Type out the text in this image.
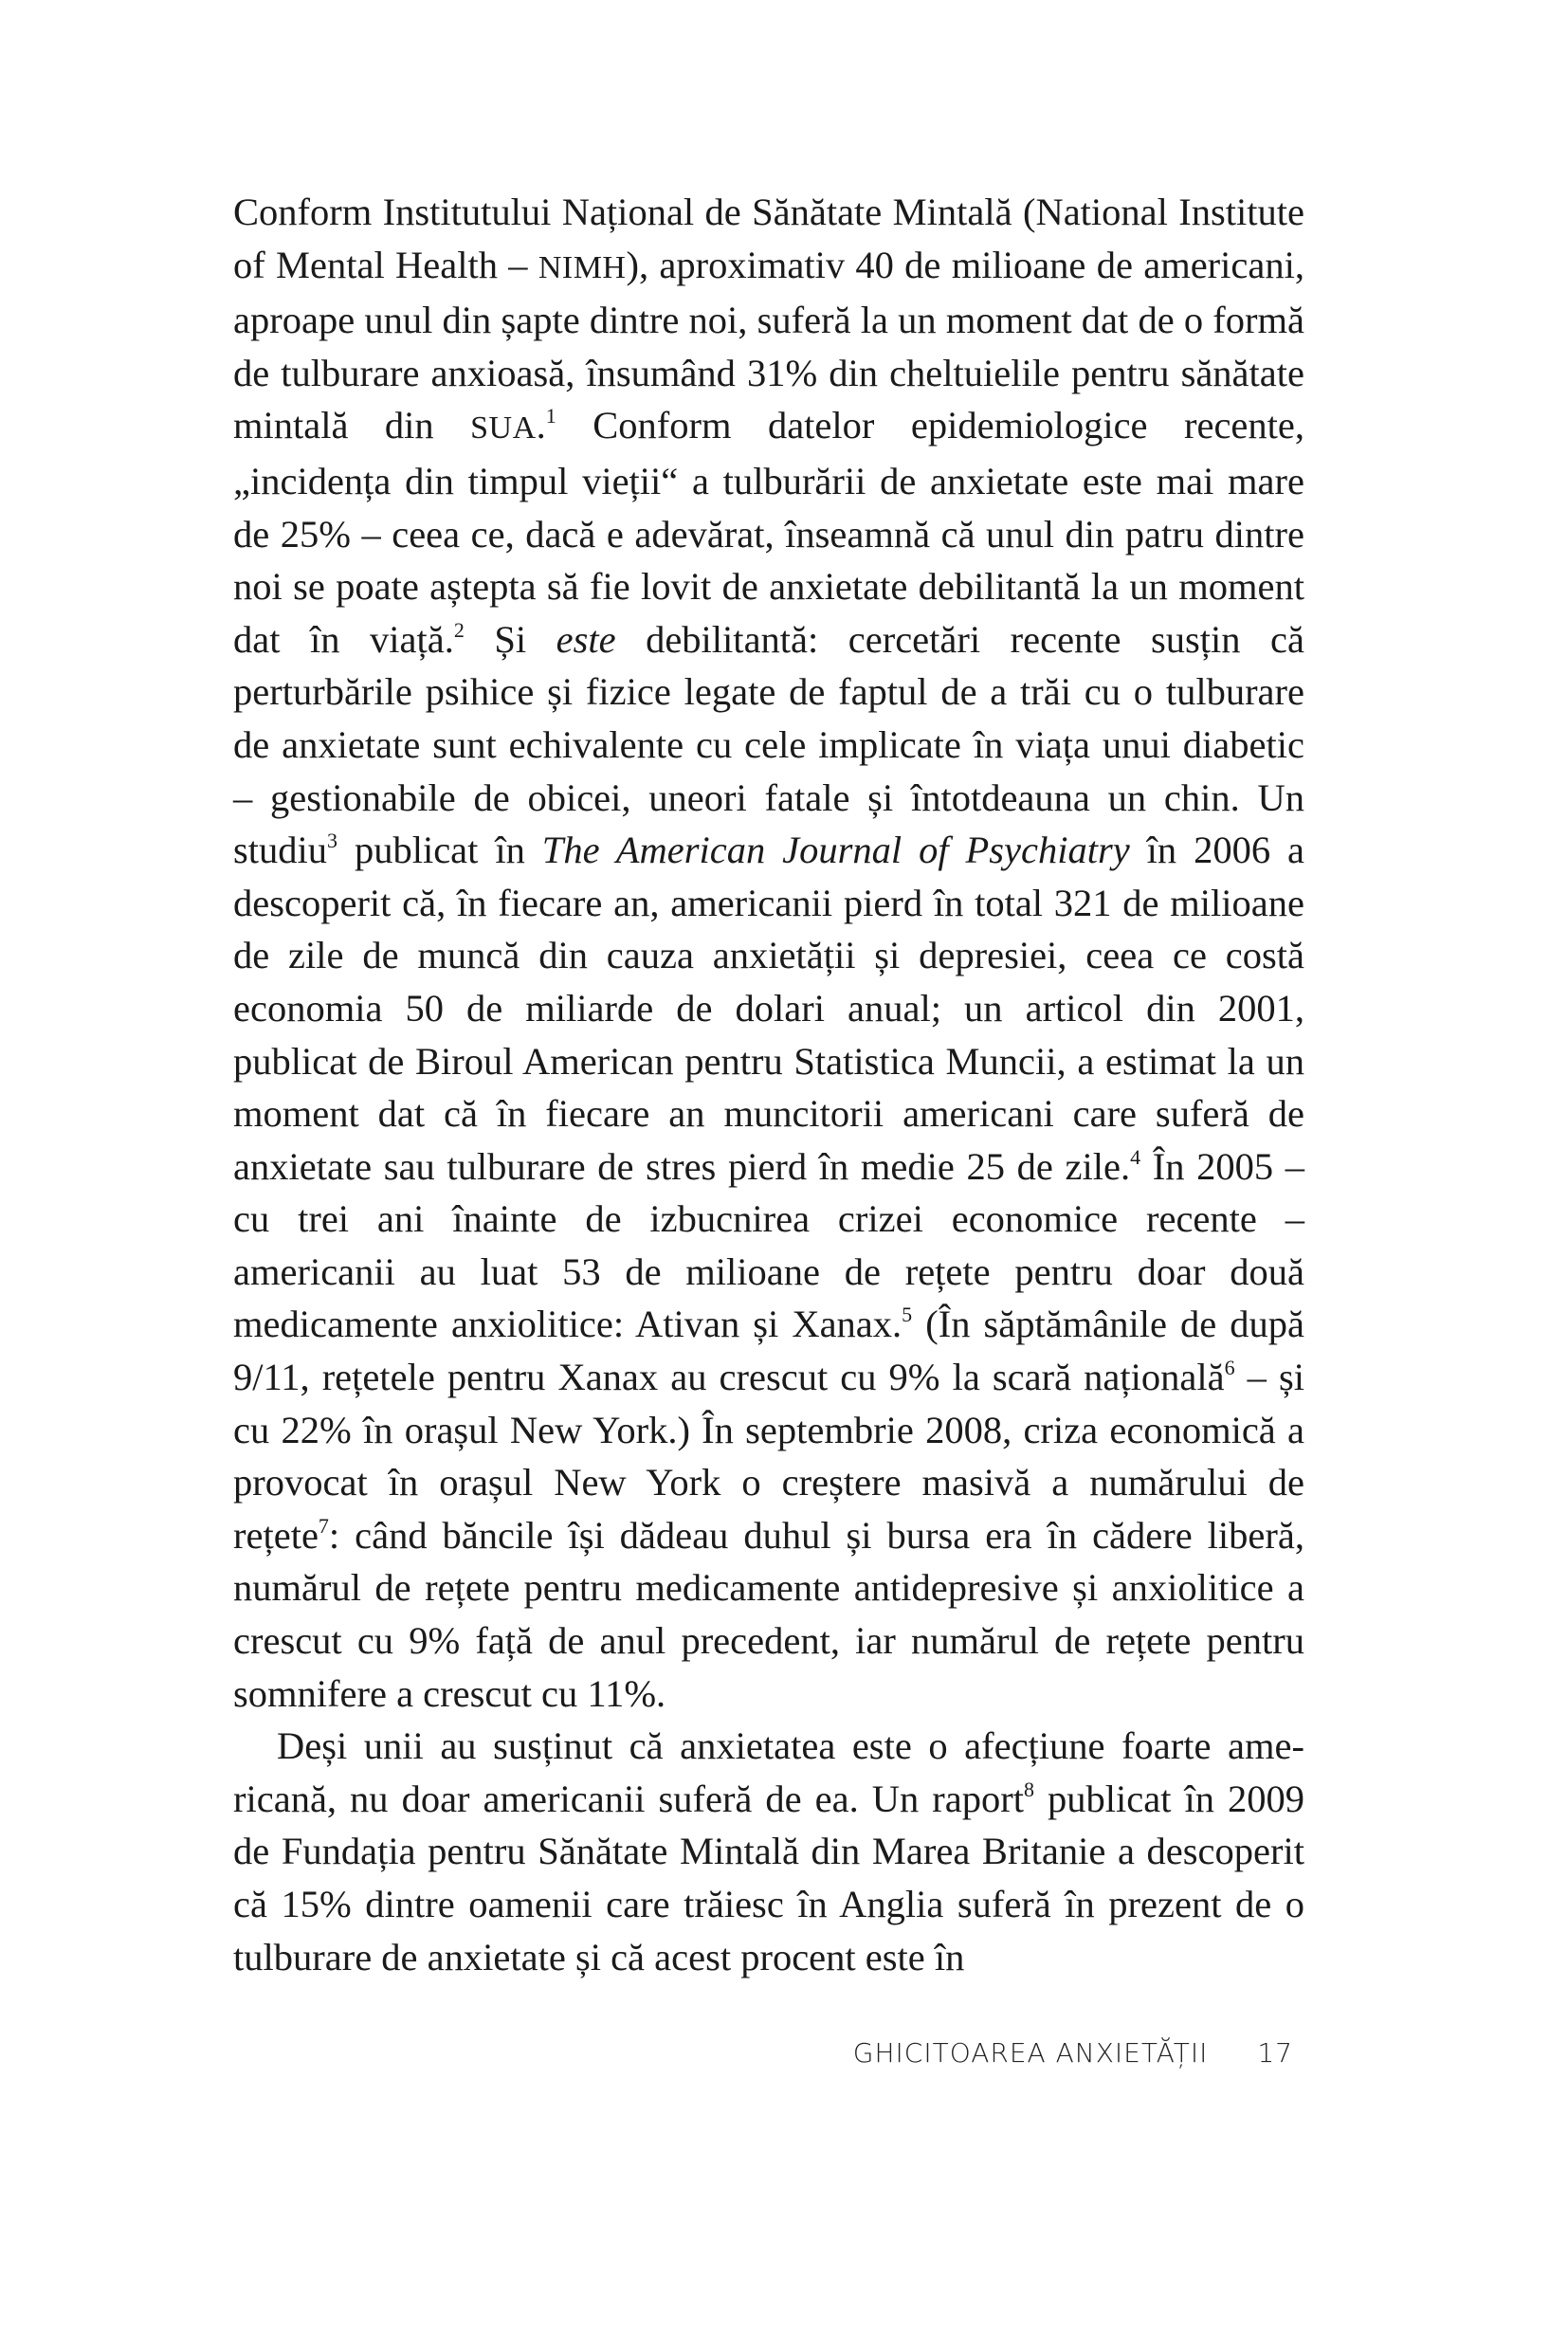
Conform Institutului Național de Sănătate Mintală (National Institute of Mental Health – NIMH), aproximativ 40 de milioane de americani, aproape unul din șapte dintre noi, suferă la un moment dat de o formă de tulburare anxioasă, însumând 31% din cheltuielile pentru sănătate mintală din SUA.$^1$ Conform datelor epidemiologice recente, „incidența din timpul vieții“ a tulburării de anxietate este mai mare de 25% – ceea ce, dacă e adevărat, înseamnă că unul din patru dintre noi se poate aștepta să fie lovit de anxietate debilitantă la un moment dat în viață.$^2$ Și este debilitantă: cercetări recente susțin că perturbările psihice și fizice legate de faptul de a trăi cu o tulburare de anxietate sunt echivalente cu cele implicate în viața unui diabetic – gestionabile de obicei, uneori fatale și întotdeauna un chin. Un studiu$^3$ publicat în The American Journal of Psychiatry în 2006 a descoperit că, în fiecare an, americanii pierd în total 321 de milioane de zile de muncă din cauza anxietății și depresiei, ceea ce costă economia 50 de miliarde de dolari anual; un articol din 2001, publicat de Biroul American pentru Statistica Muncii, a estimat la un moment dat că în fiecare an muncitorii americani care suferă de anxietate sau tulburare de stres pierd în medie 25 de zile.$^4$ În 2005 – cu trei ani înainte de izbucnirea crizei economice recente – americanii au luat 53 de milioane de rețete pentru doar două medicamente anxiolitice: Ativan și Xanax.$^5$ (În săptămânile de după 9/11, rețetele pentru Xanax au crescut cu 9% la scară națională$^6$ – și cu 22% în orașul New York.) În septembrie 2008, criza economică a provocat în orașul New York o creștere masivă a numărului de rețete$^7$: când băncile își dădeau duhul și bursa era în cădere liberă, numărul de rețete pentru medicamente antidepresive și anxiolitice a crescut cu 9% față de anul precedent, iar numărul de rețete pentru somnifere a crescut cu 11%.

Deși unii au susținut că anxietatea este o afecțiune foarte americană, nu doar americanii suferă de ea. Un raport$^8$ publicat în 2009 de Fundația pentru Sănătate Mintală din Marea Britanie a descoperit că 15% dintre oamenii care trăiesc în Anglia suferă în prezent de o tulburare de anxietate și că acest procent este în

GHICITOAREA ANXIETĂȚII 17
